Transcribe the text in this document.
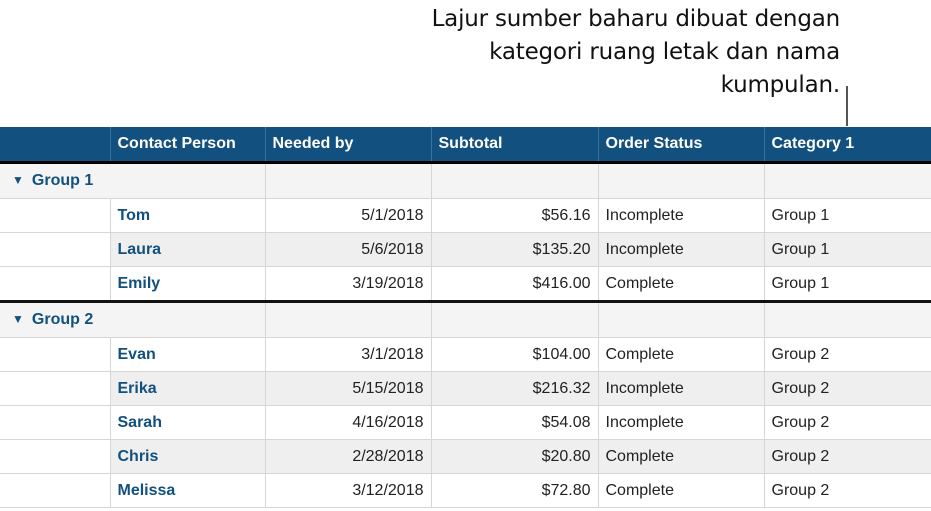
Lajur sumber baharu dibuat dengan kategori ruang letak dan nama kumpulan.
	Contact Person	Needed by	Subtotal	Order Status	Category 1
▼ Group 1					
	Tom	5/1/2018	$56.16	Incomplete	Group 1
	Laura	5/6/2018	$135.20	Incomplete	Group 1
	Emily	3/19/2018	$416.00	Complete	Group 1
▼ Group 2					
	Evan	3/1/2018	$104.00	Complete	Group 2
	Erika	5/15/2018	$216.32	Incomplete	Group 2
	Sarah	4/16/2018	$54.08	Incomplete	Group 2
	Chris	2/28/2018	$20.80	Complete	Group 2
	Melissa	3/12/2018	$72.80	Complete	Group 2
